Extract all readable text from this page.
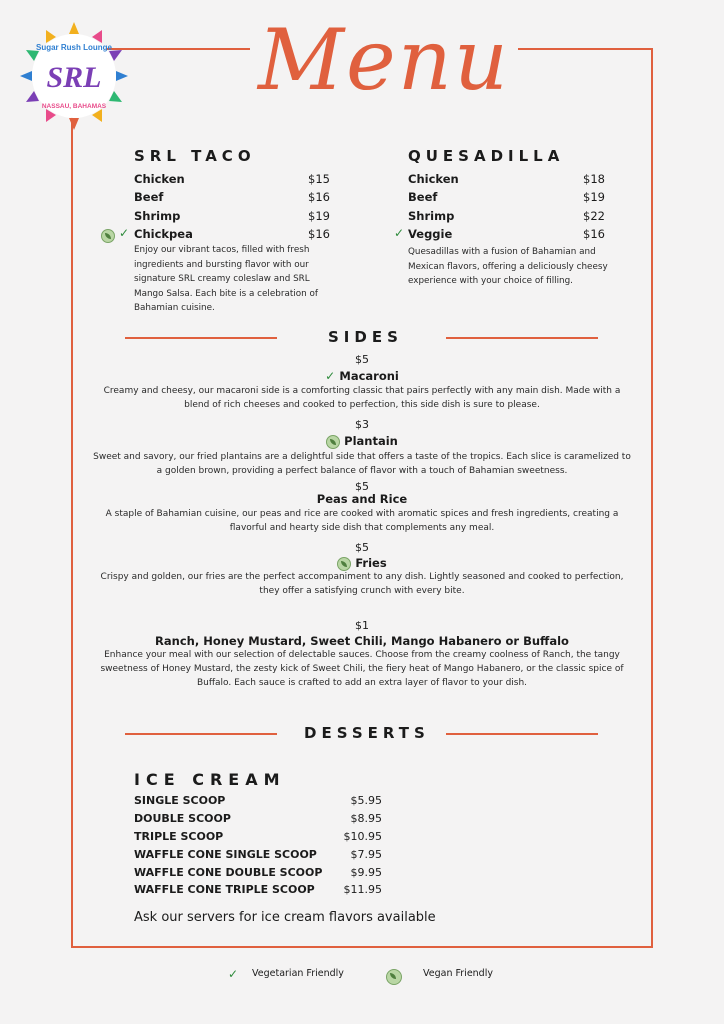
Sugar Rush Lounge
SRL
NASSAU, BAHAMAS Menu
SRL TACO
Chicken	$15
Beef	$16
Shrimp	$19
✓ Chickpea	$16
Enjoy our vibrant tacos, filled with fresh ingredients and bursting flavor with our signature SRL creamy coleslaw and SRL Mango Salsa. Each bite is a celebration of Bahamian cuisine.
QUESADILLA
Chicken	$18
Beef	$19
Shrimp	$22
✓ Veggie	$16
Quesadillas with a fusion of Bahamian and Mexican flavors, offering a deliciously cheesy experience with your choice of filling.
SIDES
$5
✓ Macaroni
Creamy and cheesy, our macaroni side is a comforting classic that pairs perfectly with any main dish. Made with a blend of rich cheeses and cooked to perfection, this side dish is sure to please.
$3
Plantain
Sweet and savory, our fried plantains are a delightful side that offers a taste of the tropics. Each slice is caramelized to a golden brown, providing a perfect balance of flavor with a touch of Bahamian sweetness.
$5
Peas and Rice
A staple of Bahamian cuisine, our peas and rice are cooked with aromatic spices and fresh ingredients, creating a flavorful and hearty side dish that complements any meal.
$5
Fries
Crispy and golden, our fries are the perfect accompaniment to any dish. Lightly seasoned and cooked to perfection, they offer a satisfying crunch with every bite.
$1
Ranch, Honey Mustard, Sweet Chili, Mango Habanero or Buffalo
Enhance your meal with our selection of delectable sauces. Choose from the creamy coolness of Ranch, the tangy sweetness of Honey Mustard, the zesty kick of Sweet Chili, the fiery heat of Mango Habanero, or the classic spice of Buffalo. Each sauce is crafted to add an extra layer of flavor to your dish.
DESSERTS
ICE CREAM
SINGLE SCOOP	$5.95
DOUBLE SCOOP	$8.95
TRIPLE SCOOP	$10.95
WAFFLE CONE SINGLE SCOOP	$7.95
WAFFLE CONE DOUBLE SCOOP	$9.95
WAFFLE CONE TRIPLE SCOOP	$11.95
Ask our servers for ice cream flavors available
✓ Vegetarian Friendly	Vegan Friendly
